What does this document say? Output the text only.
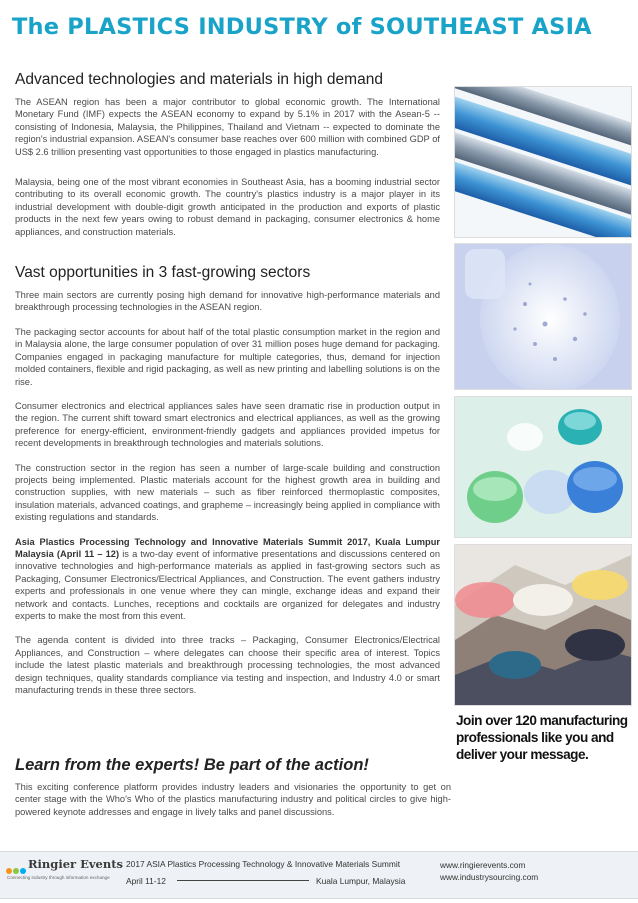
The PLASTICS INDUSTRY of SOUTHEAST ASIA
Advanced technologies and materials in high demand

The ASEAN region has been a major contributor to global economic growth. The International Monetary Fund (IMF) expects the ASEAN economy to expand by 5.1% in 2017 with the Asean-5 -- consisting of Indonesia, Malaysia, the Philippines, Thailand and Vietnam -- expected to dominate the region's industrial expansion. ASEAN's consumer base reaches over 600 million with combined GDP of US$ 2.6 trillion presenting vast opportunities to those engaged in plastics manufacturing.

Malaysia, being one of the most vibrant economies in Southeast Asia, has a booming industrial sector contributing to its overall economic growth. The country's plastics industry is a major player in its industrial development with double-digit growth anticipated in the production and exports of plastic products in the next few years owing to robust demand in packaging, consumer electronics & home appliances, and construction materials.

Vast opportunities in 3 fast-growing sectors

Three main sectors are currently posing high demand for innovative high-performance materials and breakthrough processing technologies in the ASEAN region.

The packaging sector accounts for about half of the total plastic consumption market in the region and in Malaysia alone, the large consumer population of over 31 million poses huge demand for packaging. Companies engaged in packaging manufacture for multiple categories, thus, demand for injection molded containers, flexible and rigid packaging, as well as new printing and labelling solutions is on the rise.

Consumer electronics and electrical appliances sales have seen dramatic rise in production output in the region. The current shift toward smart electronics and electrical appliances, as well as the growing preference for energy-efficient, environment-friendly gadgets and appliances provided impetus for recent developments in breakthrough technologies and materials solutions.

The construction sector in the region has seen a number of large-scale building and construction projects being implemented. Plastic materials account for the highest growth area in building and construction supplies, with new materials – such as fiber reinforced thermoplastic composites, insulation materials, advanced coatings, and grapheme – increasingly being applied in compliance with existing regulations and standards.

Asia Plastics Processing Technology and Innovative Materials Summit 2017, Kuala Lumpur Malaysia (April 11 – 12) is a two-day event of informative presentations and discussions centered on innovative technologies and high-performance materials as applied in fast-growing sectors such as Packaging, Consumer Electronics/Electrical Appliances, and Construction. The event gathers industry experts and professionals in one venue where they can mingle, exchange ideas and expand their network and contacts. Lunches, receptions and cocktails are organized for delegates and industry experts to make the most from this event.

The agenda content is divided into three tracks – Packaging, Consumer Electronics/Electrical Appliances, and Construction – where delegates can choose their specific area of interest. Topics include the latest plastic materials and breakthrough processing technologies, the most advanced design techniques, quality standards compliance via testing and inspection, and Industry 4.0 or smart manufacturing trends in these three sectors.

Learn from the experts! Be part of the action!

This exciting conference platform provides industry leaders and visionaries the opportunity to get on center stage with the Who's Who of the plastics manufacturing industry and political circles to give high-powered keynote addresses and engage in lively talks and panel discussions.

Join over 120 manufacturing professionals like you and deliver your message.
Ringier Events
Connecting industry through information exchange
2017 ASIA Plastics Processing Technology & Innovative Materials Summit
April 11-12	Kuala Lumpur, Malaysia
www.ringierevents.com
www.industrysourcing.com
